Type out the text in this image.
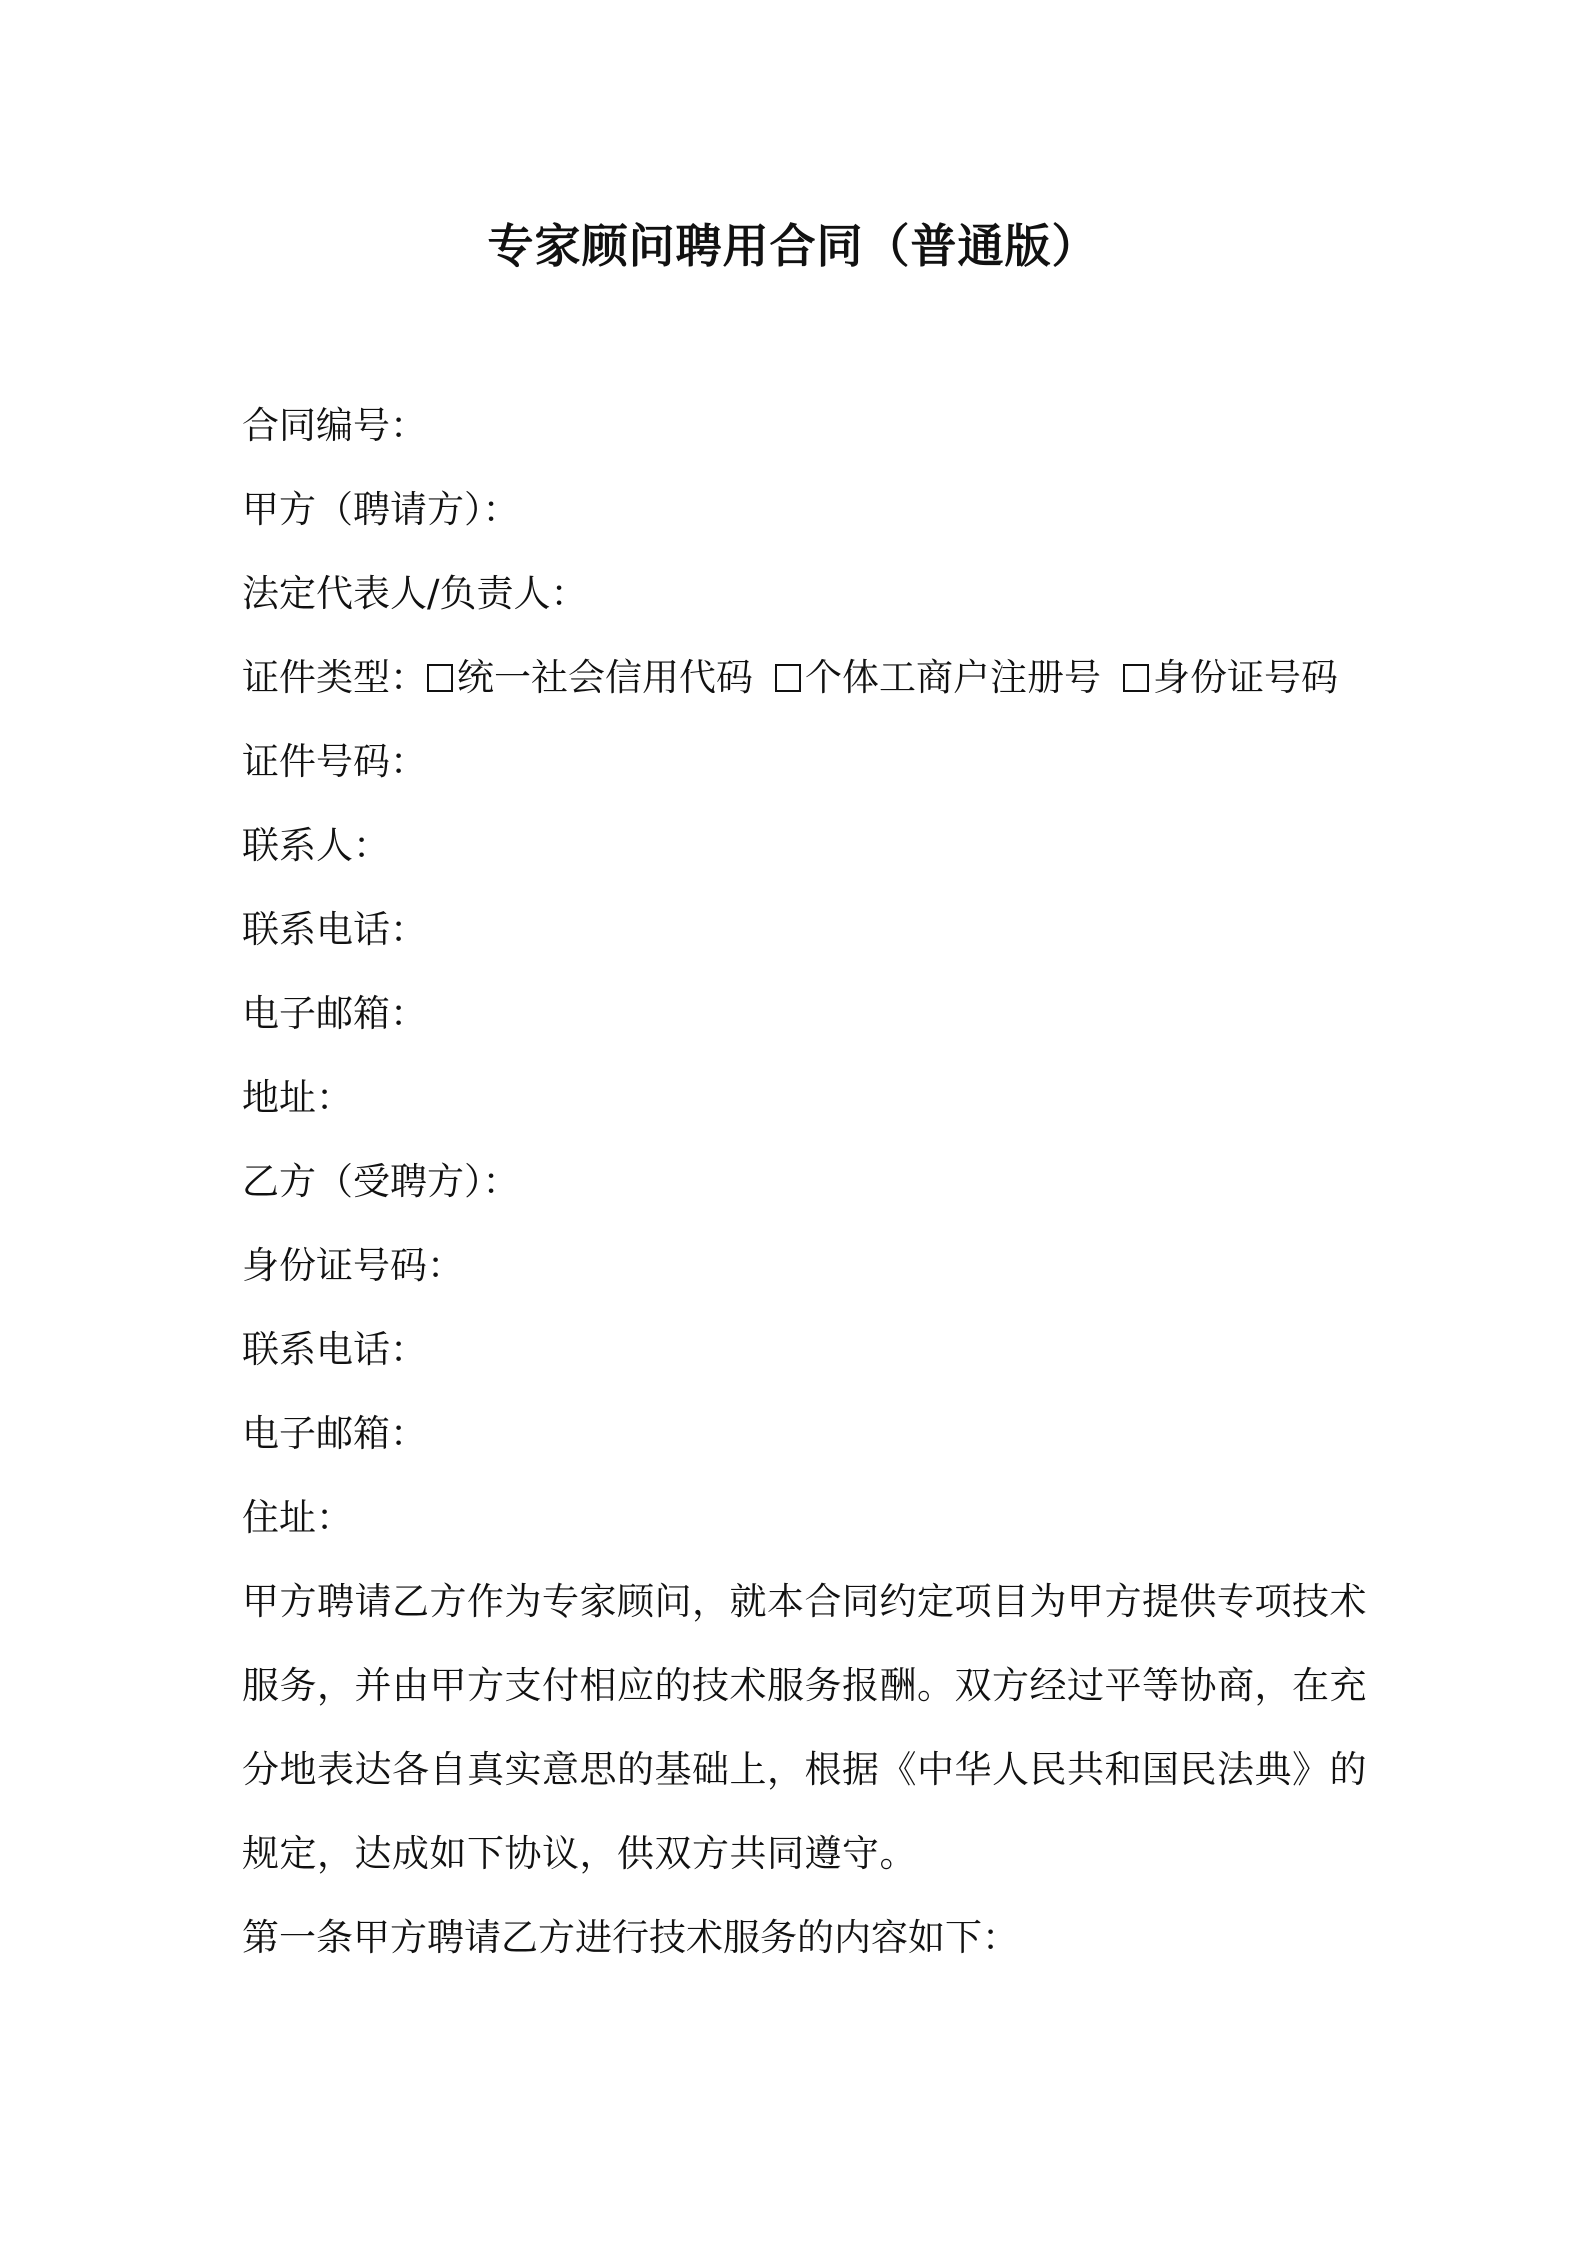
专家顾问聘用合同（普通版）
合同编号：
甲方（聘请方）：
法定代表人/负责人：
证件类型： 统一社会信用代码 个体工商户注册号 身份证号码
证件号码：
联系人：
联系电话：
电子邮箱：
地址：
乙方（受聘方）：
身份证号码：
联系电话：
电子邮箱：
住址：
甲方聘请乙方作为专家顾问，就本合同约定项目为甲方提供专项技术
服务，并由甲方支付相应的技术服务报酬。双方经过平等协商，在充
分地表达各自真实意思的基础上，根据《中华人民共和国民法典》的
规定，达成如下协议，供双方共同遵守。
第一条甲方聘请乙方进行技术服务的内容如下：
